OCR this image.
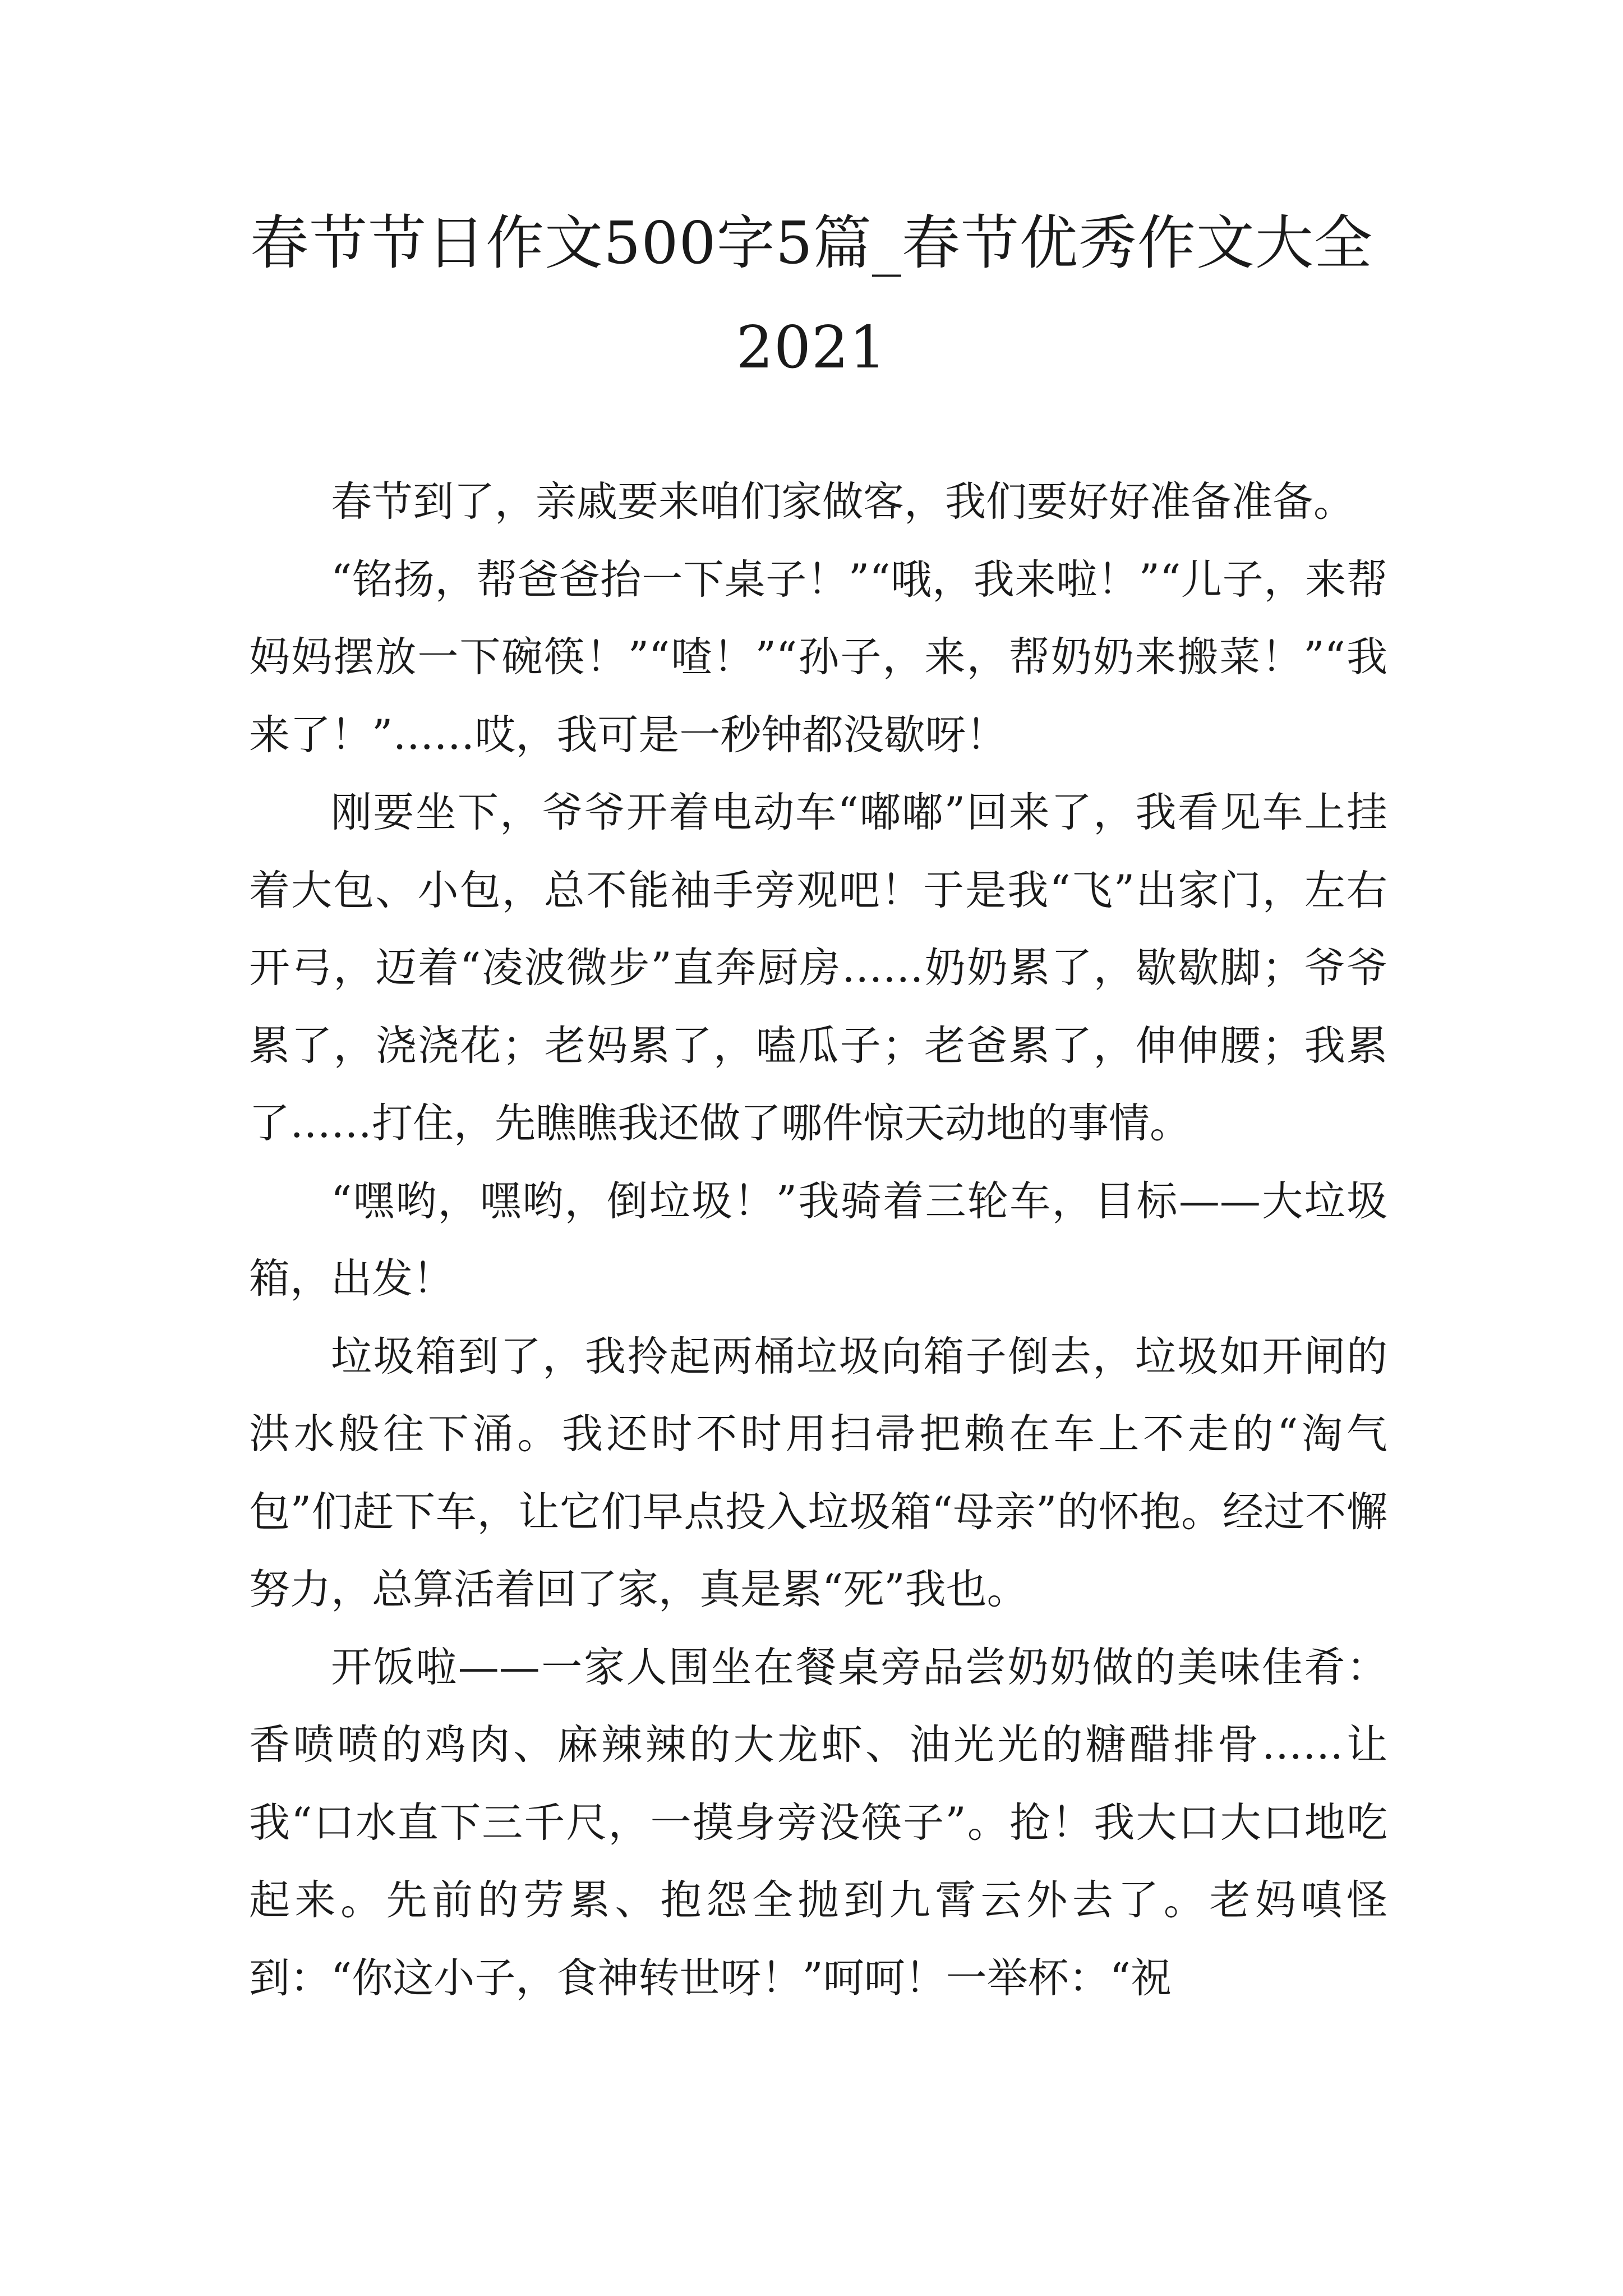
春节节日作文500字5篇_春节优秀作文大全2021

春节到了，亲戚要来咱们家做客，我们要好好准备准备。

“铭扬，帮爸爸抬一下桌子！”“哦，我来啦！”“儿子，来帮妈妈摆放一下碗筷！”“喳！”“孙子，来，帮奶奶来搬菜！”“我来了！”……哎，我可是一秒钟都没歇呀！

刚要坐下，爷爷开着电动车“嘟嘟”回来了，我看见车上挂着大包、小包，总不能袖手旁观吧！于是我“飞”出家门，左右开弓，迈着“凌波微步”直奔厨房……奶奶累了，歇歇脚；爷爷累了，浇浇花；老妈累了，嗑瓜子；老爸累了，伸伸腰；我累了……打住，先瞧瞧我还做了哪件惊天动地的事情。

“嘿哟，嘿哟，倒垃圾！”我骑着三轮车，目标——大垃圾箱，出发！

垃圾箱到了，我拎起两桶垃圾向箱子倒去，垃圾如开闸的洪水般往下涌。我还时不时用扫帚把赖在车上不走的“淘气包”们赶下车，让它们早点投入垃圾箱“母亲”的怀抱。经过不懈努力，总算活着回了家，真是累“死”我也。

开饭啦——一家人围坐在餐桌旁品尝奶奶做的美味佳肴：香喷喷的鸡肉、麻辣辣的大龙虾、油光光的糖醋排骨……让我“口水直下三千尺，一摸身旁没筷子”。抢！我大口大口地吃起来。先前的劳累、抱怨全抛到九霄云外去了。老妈嗔怪到：“你这小子，食神转世呀！”呵呵！一举杯：“祝
